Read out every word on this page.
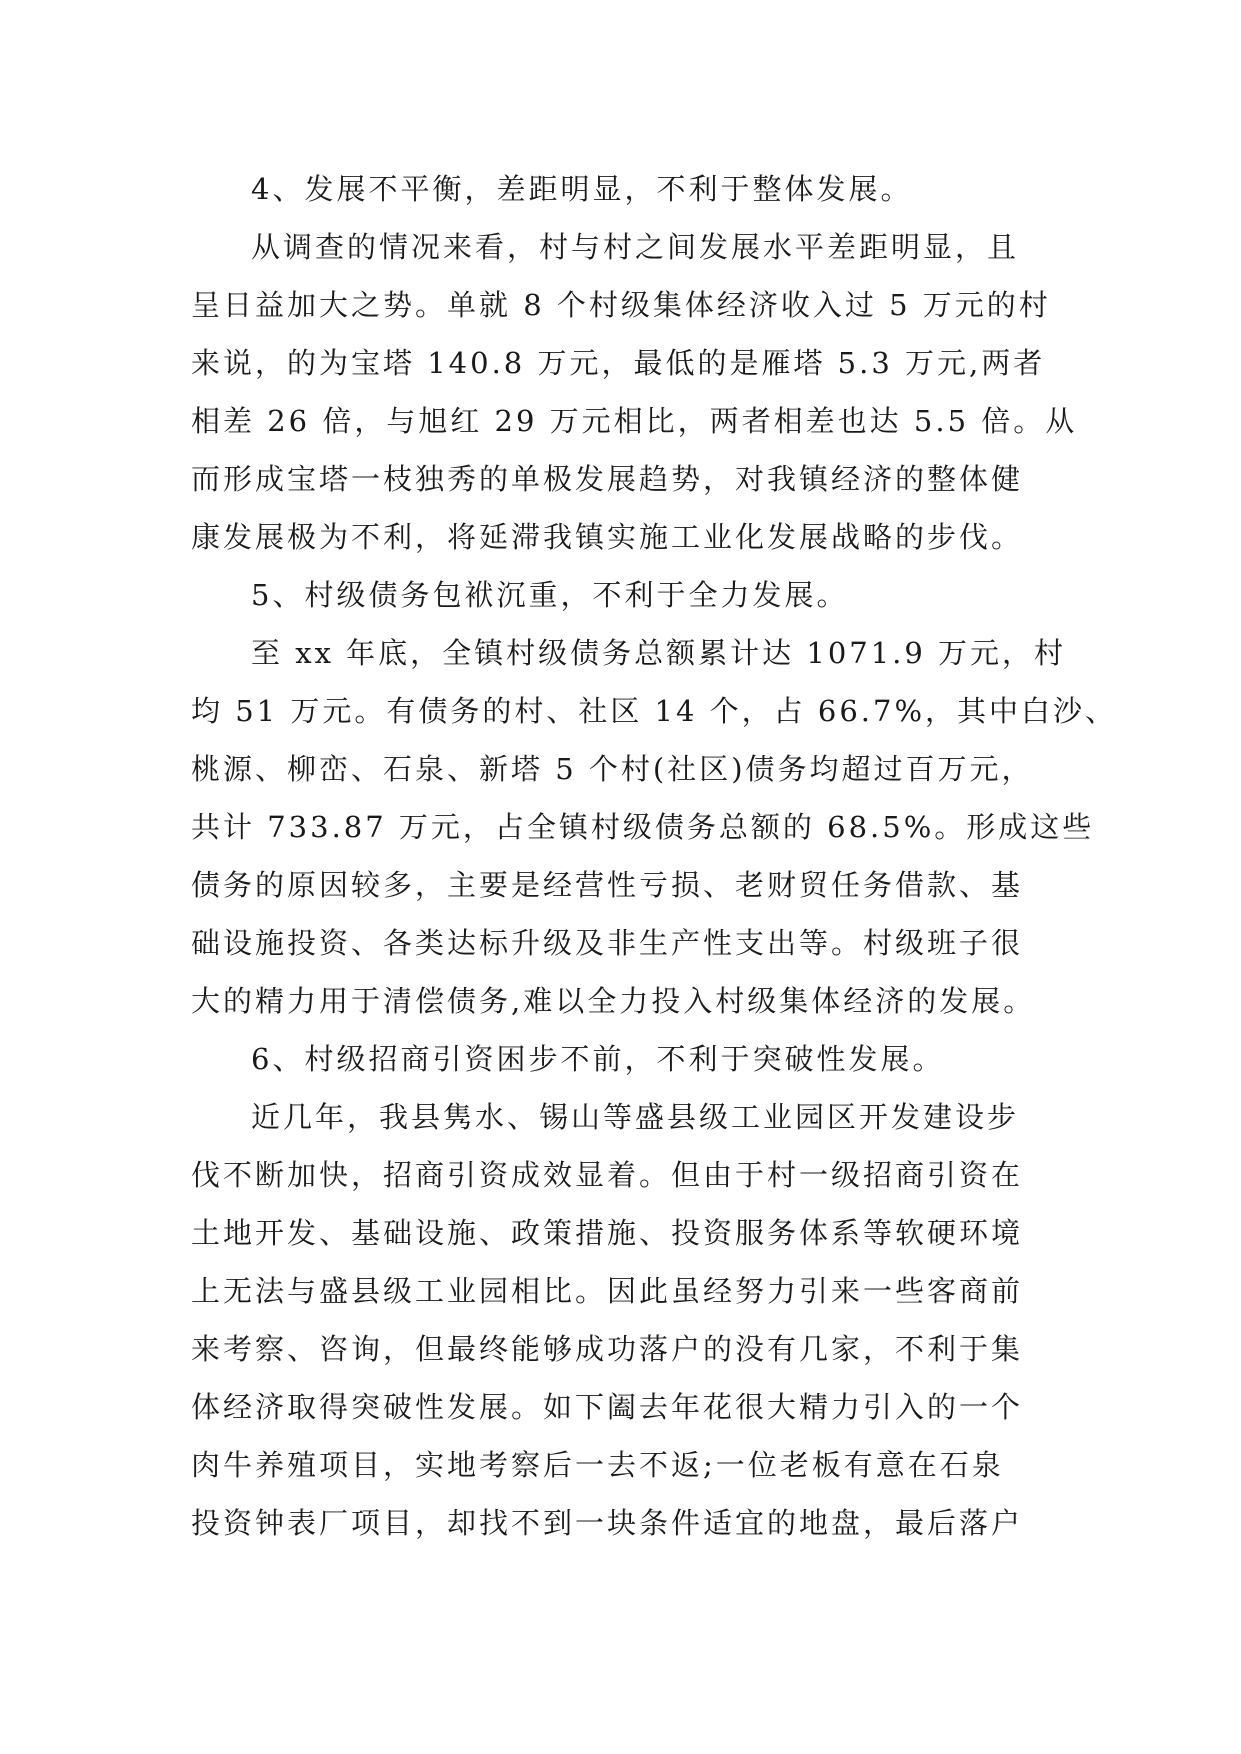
4、发展不平衡，差距明显，不利于整体发展。
从调查的情况来看，村与村之间发展水平差距明显，且
呈日益加大之势。单就 8 个村级集体经济收入过 5 万元的村
来说，的为宝塔 140.8 万元，最低的是雁塔 5.3 万元,两者
相差 26 倍，与旭红 29 万元相比，两者相差也达 5.5 倍。从
而形成宝塔一枝独秀的单极发展趋势，对我镇经济的整体健
康发展极为不利，将延滞我镇实施工业化发展战略的步伐。
5、村级债务包袱沉重，不利于全力发展。
至 xx 年底，全镇村级债务总额累计达 1071.9 万元，村
均 51 万元。有债务的村、社区 14 个，占 66.7%，其中白沙、
桃源、柳峦、石泉、新塔 5 个村(社区)债务均超过百万元，
共计 733.87 万元，占全镇村级债务总额的 68.5%。形成这些
债务的原因较多，主要是经营性亏损、老财贸任务借款、基
础设施投资、各类达标升级及非生产性支出等。村级班子很
大的精力用于清偿债务,难以全力投入村级集体经济的发展。
6、村级招商引资困步不前，不利于突破性发展。
近几年，我县隽水、锡山等盛县级工业园区开发建设步
伐不断加快，招商引资成效显着。但由于村一级招商引资在
土地开发、基础设施、政策措施、投资服务体系等软硬环境
上无法与盛县级工业园相比。因此虽经努力引来一些客商前
来考察、咨询，但最终能够成功落户的没有几家，不利于集
体经济取得突破性发展。如下阖去年花很大精力引入的一个
肉牛养殖项目，实地考察后一去不返;一位老板有意在石泉
投资钟表厂项目，却找不到一块条件适宜的地盘，最后落户
